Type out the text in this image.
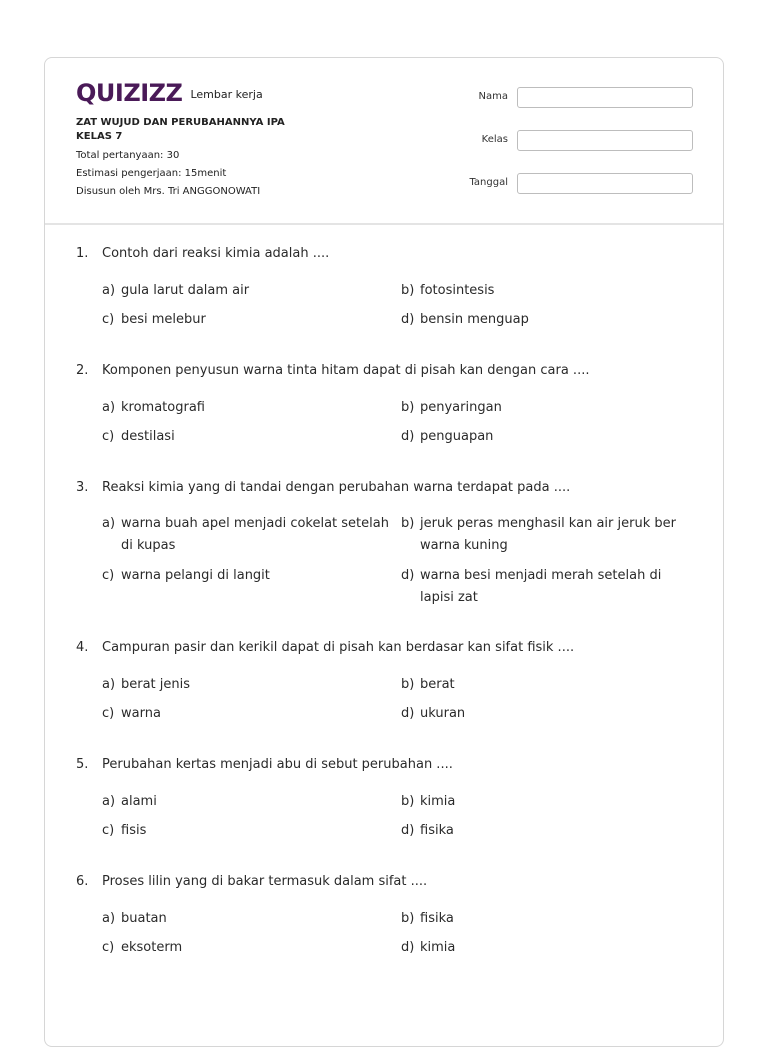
QUIZIZZ Lembar kerja
ZAT WUJUD DAN PERUBAHANNYA IPA KELAS 7
Total pertanyaan: 30
Estimasi pengerjaan: 15menit
Disusun oleh Mrs. Tri ANGGONOWATI
Nama
Kelas
Tanggal
1. Contoh dari reaksi kimia adalah ....
a) gula larut dalam air	b) fotosintesis
c) besi melebur	d) bensin menguap
2. Komponen penyusun warna tinta hitam dapat di pisah kan dengan cara ....
a) kromatografi	b) penyaringan
c) destilasi	d) penguapan
3. Reaksi kimia yang di tandai dengan perubahan warna terdapat pada ....
a) warna buah apel menjadi cokelat setelah di kupas
b) jeruk peras menghasil kan air jeruk ber warna kuning
c) warna pelangi di langit	d) warna besi menjadi merah setelah di lapisi zat
4. Campuran pasir dan kerikil dapat di pisah kan berdasar kan sifat fisik ....
a) berat jenis	b) berat
c) warna	d) ukuran
5. Perubahan kertas menjadi abu di sebut perubahan ....
a) alami	b) kimia
c) fisis	d) fisika
6. Proses lilin yang di bakar termasuk dalam sifat ....
a) buatan	b) fisika
c) eksoterm	d) kimia
